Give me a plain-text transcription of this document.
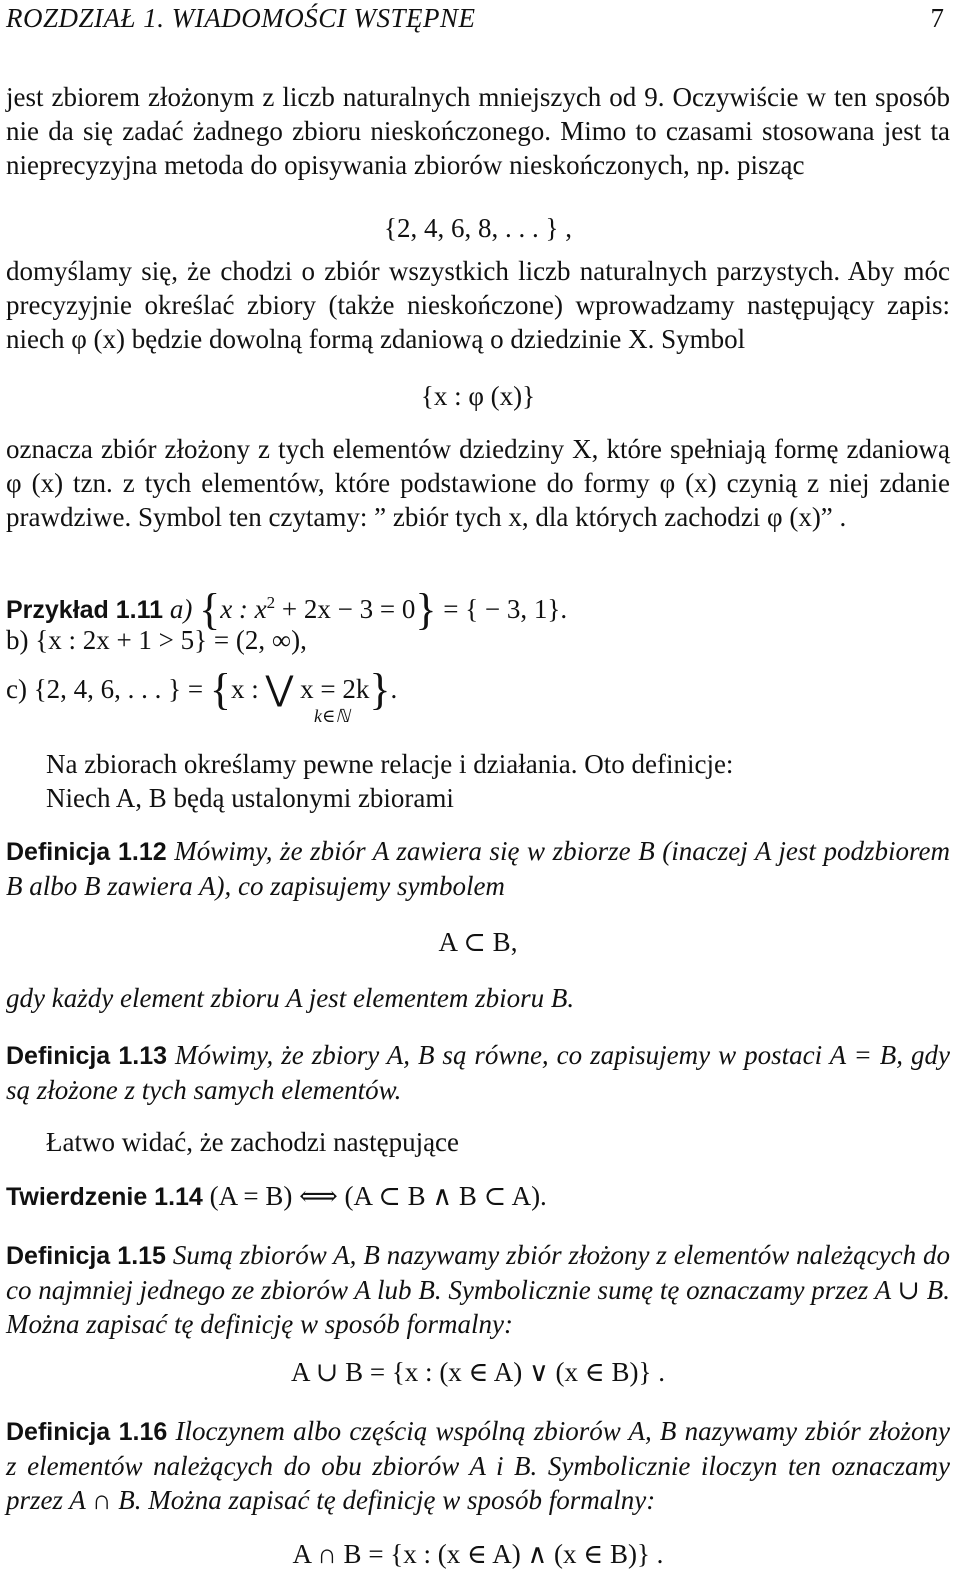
ROZDZIAŁ 1. WIADOMOŚCI WSTĘPNE	7
jest zbiorem złożonym z liczb naturalnych mniejszych od 9. Oczywiście w ten sposób nie da się zadać żadnego zbioru nieskończonego. Mimo to czasami stosowana jest ta nieprecyzyjna metoda do opisywania zbiorów nieskończonych, np. pisząc
{2, 4, 6, 8, . . . } ,
domyślamy się, że chodzi o zbiór wszystkich liczb naturalnych parzystych. Aby móc precyzyjnie określać zbiory (także nieskończone) wprowadzamy następujący zapis: niech φ (x) będzie dowolną formą zdaniową o dziedzinie X. Symbol
{x : φ (x)}
oznacza zbiór złożony z tych elementów dziedziny X, które spełniają formę zdaniową φ (x) tzn. z tych elementów, które podstawione do formy φ (x) czynią z niej zdanie prawdziwe. Symbol ten czytamy: ” zbiór tych x, dla których zachodzi φ (x)” .
Przykład 1.11 a) {x : $x^2 + 2x - 3 = 0$} = { − 3, 1}.
b) {x : 2x + 1 > 5} = (2, ∞),
c) {2, 4, 6, . . . } = {x : ⋁ x = 2k}.
k∈ℕ
Na zbiorach określamy pewne relacje i działania. Oto definicje:
Niech A, B będą ustalonymi zbiorami
Definicja 1.12 Mówimy, że zbiór A zawiera się w zbiorze B (inaczej A jest podzbiorem B albo B zawiera A), co zapisujemy symbolem
A ⊂ B,
gdy każdy element zbioru A jest elementem zbioru B.
Definicja 1.13 Mówimy, że zbiory A, B są równe, co zapisujemy w postaci A = B, gdy są złożone z tych samych elementów.
Łatwo widać, że zachodzi następujące
Twierdzenie 1.14 (A = B) ⟺ (A ⊂ B ∧ B ⊂ A).
Definicja 1.15 Sumą zbiorów A, B nazywamy zbiór złożony z elementów należących do co najmniej jednego ze zbiorów A lub B. Symbolicznie sumę tę oznaczamy przez A ∪ B. Można zapisać tę definicję w sposób formalny:
A ∪ B = {x : (x ∈ A) ∨ (x ∈ B)} .
Definicja 1.16 Iloczynem albo częścią wspólną zbiorów A, B nazywamy zbiór złożony z elementów należących do obu zbiorów A i B. Symbolicznie iloczyn ten oznaczamy przez A ∩ B. Można zapisać tę definicję w sposób formalny:
A ∩ B = {x : (x ∈ A) ∧ (x ∈ B)} .
